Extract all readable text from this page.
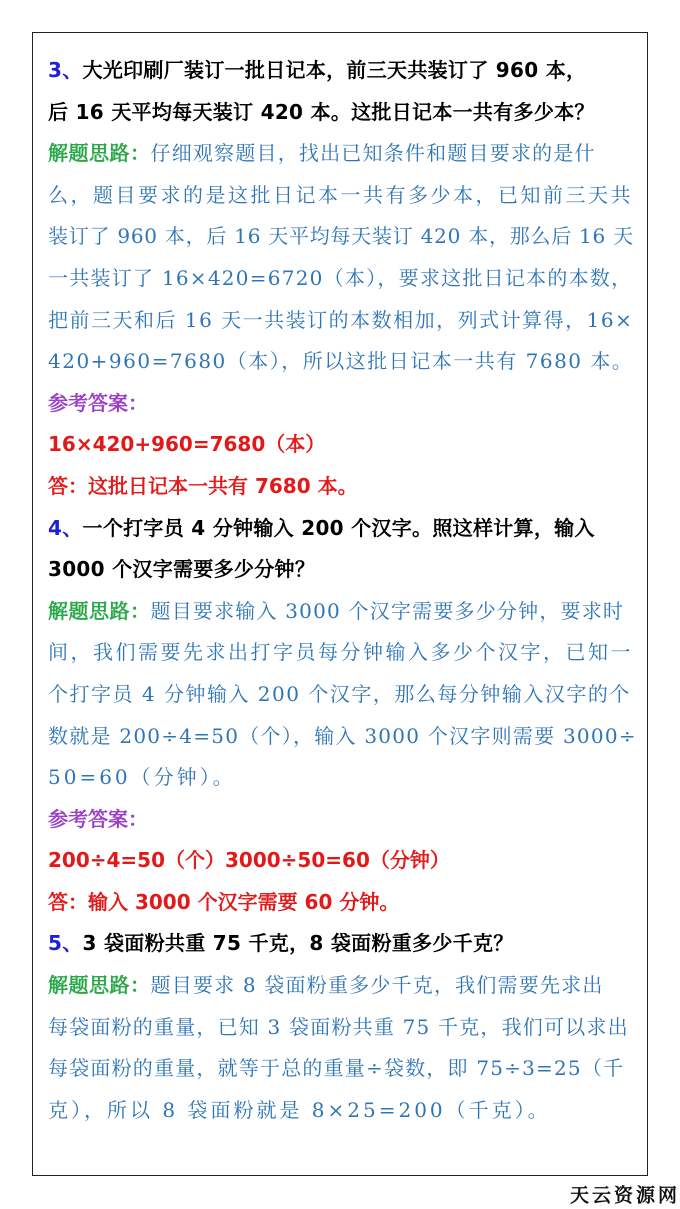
3、大光印刷厂装订一批日记本，前三天共装订了 960 本，
后 16 天平均每天装订 420 本。这批日记本一共有多少本？
解题思路：仔细观察题目，找出已知条件和题目要求的是什
么，题目要求的是这批日记本一共有多少本，已知前三天共
装订了 960 本，后 16 天平均每天装订 420 本，那么后 16 天
一共装订了 16×420=6720（本），要求这批日记本的本数，
把前三天和后 16 天一共装订的本数相加，列式计算得，16×
420+960=7680（本），所以这批日记本一共有 7680 本。
参考答案：
16×420+960=7680（本）
答：这批日记本一共有 7680 本。
4、一个打字员 4 分钟输入 200 个汉字。照这样计算，输入
3000 个汉字需要多少分钟？
解题思路：题目要求输入 3000 个汉字需要多少分钟，要求时
间，我们需要先求出打字员每分钟输入多少个汉字，已知一
个打字员 4 分钟输入 200 个汉字，那么每分钟输入汉字的个
数就是 200÷4=50（个），输入 3000 个汉字则需要 3000÷
50=60（分钟）。
参考答案：
200÷4=50（个）3000÷50=60（分钟）
答：输入 3000 个汉字需要 60 分钟。
5、3 袋面粉共重 75 千克，8 袋面粉重多少千克？
解题思路：题目要求 8 袋面粉重多少千克，我们需要先求出
每袋面粉的重量，已知 3 袋面粉共重 75 千克，我们可以求出
每袋面粉的重量，就等于总的重量÷袋数，即 75÷3=25（千
克），所以 8 袋面粉就是 8×25=200（千克）。
天云资源网
